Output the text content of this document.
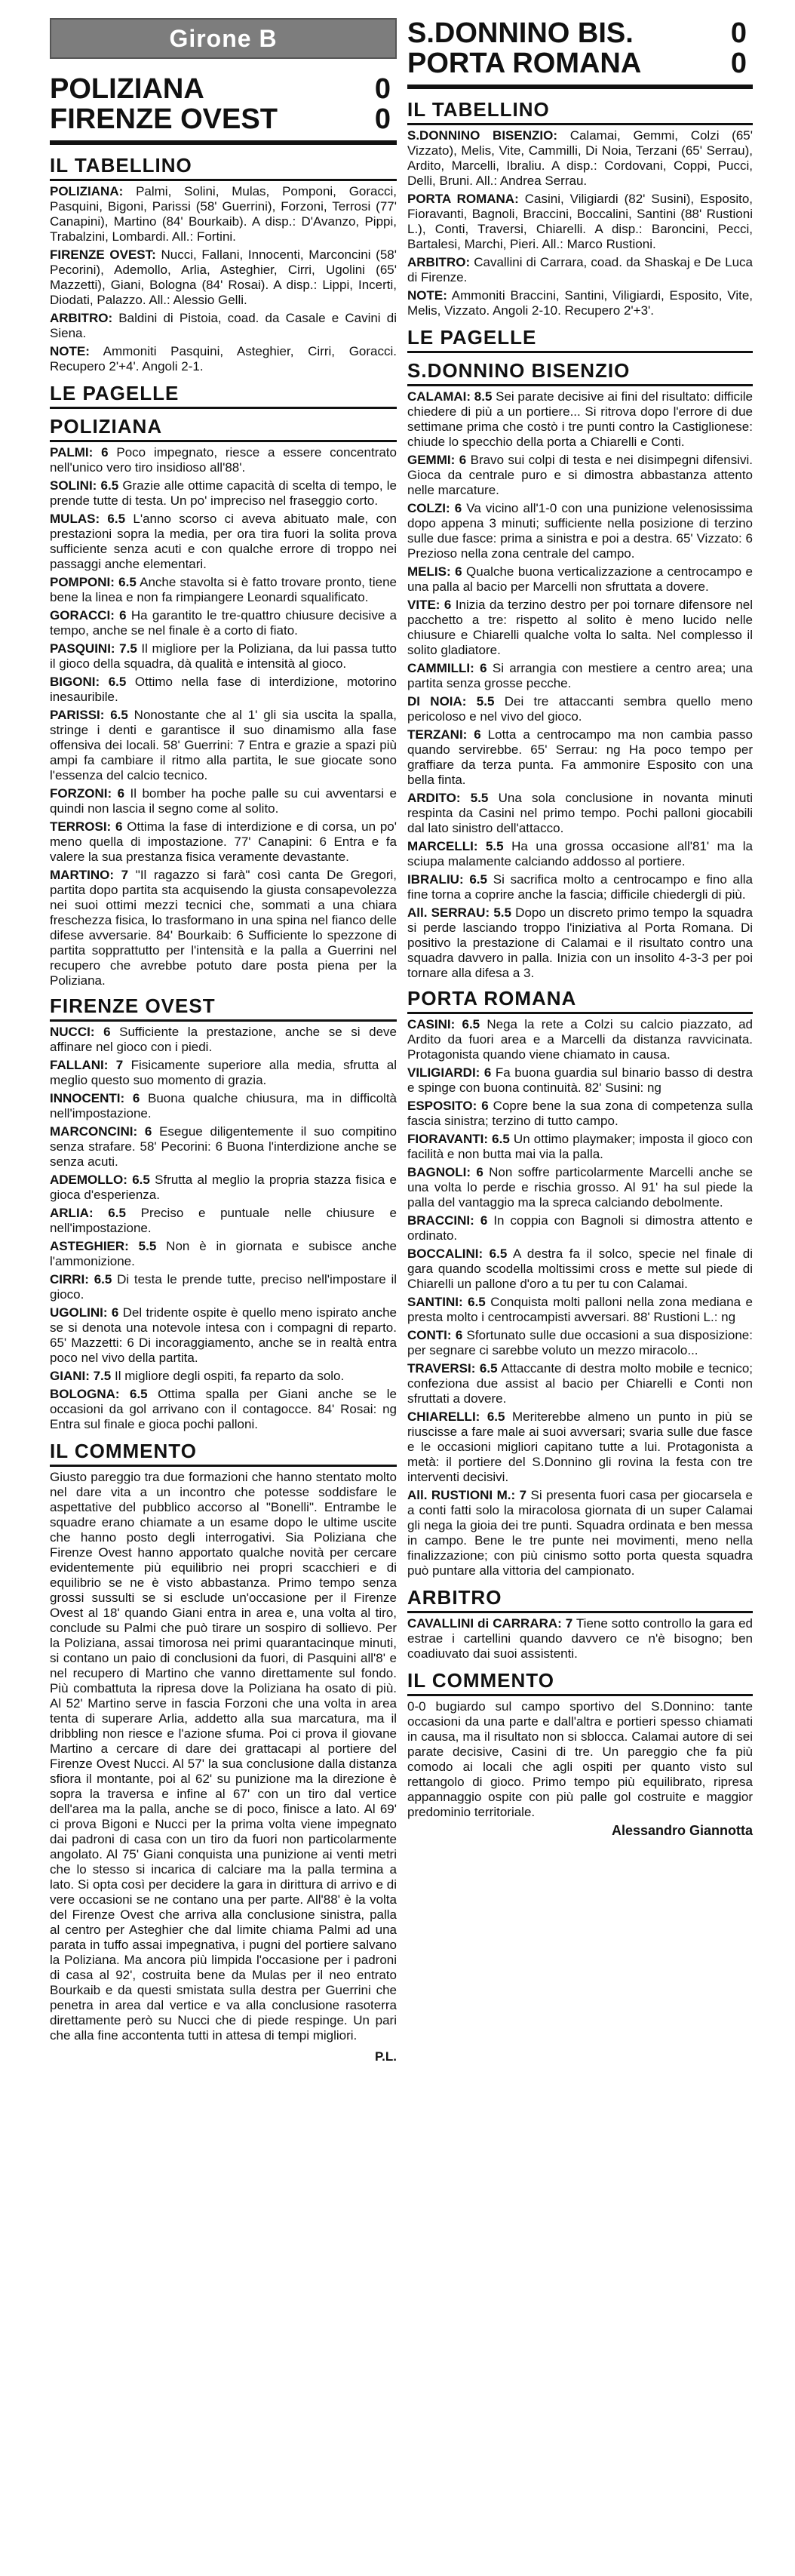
Girone B
POLIZIANA	0
FIRENZE OVEST	0
IL TABELLINO

POLIZIANA: Palmi, Solini, Mulas, Pomponi, Goracci, Pasquini, Bigoni, Parissi (58' Guerrini), Forzoni, Terrosi (77' Canapini), Martino (84' Bourkaib). A disp.: D'Avanzo, Pippi, Trabalzini, Lombardi. All.: Fortini.

FIRENZE OVEST: Nucci, Fallani, Innocenti, Marconcini (58' Pecorini), Ademollo, Arlia, Asteghier, Cirri, Ugolini (65' Mazzetti), Giani, Bologna (84' Rosai). A disp.: Lippi, Incerti, Diodati, Palazzo. All.: Alessio Gelli.

ARBITRO: Baldini di Pistoia, coad. da Casale e Cavini di Siena.

NOTE: Ammoniti Pasquini, Asteghier, Cirri, Goracci. Recupero 2'+4'. Angoli 2-1.

LE PAGELLE
POLIZIANA

PALMI: 6 Poco impegnato, riesce a essere concentrato nell'unico vero tiro insidioso all'88'.

SOLINI: 6.5 Grazie alle ottime capacità di scelta di tempo, le prende tutte di testa. Un po' impreciso nel fraseggio corto.

MULAS: 6.5 L'anno scorso ci aveva abituato male, con prestazioni sopra la media, per ora tira fuori la solita prova sufficiente senza acuti e con qualche errore di troppo nei passaggi anche elementari.

POMPONI: 6.5 Anche stavolta si è fatto trovare pronto, tiene bene la linea e non fa rimpiangere Leonardi squalificato.

GORACCI: 6 Ha garantito le tre-quattro chiusure decisive a tempo, anche se nel finale è a corto di fiato.

PASQUINI: 7.5 Il migliore per la Poliziana, da lui passa tutto il gioco della squadra, dà qualità e intensità al gioco.

BIGONI: 6.5 Ottimo nella fase di interdizione, motorino inesauribile.

PARISSI: 6.5 Nonostante che al 1' gli sia uscita la spalla, stringe i denti e garantisce il suo dinamismo alla fase offensiva dei locali. 58' Guerrini: 7 Entra e grazie a spazi più ampi fa cambiare il ritmo alla partita, le sue giocate sono l'essenza del calcio tecnico.

FORZONI: 6 Il bomber ha poche palle su cui avventarsi e quindi non lascia il segno come al solito.

TERROSI: 6 Ottima la fase di interdizione e di corsa, un po' meno quella di impostazione. 77' Canapini: 6 Entra e fa valere la sua prestanza fisica veramente devastante.

MARTINO: 7 "Il ragazzo si farà" così canta De Gregori, partita dopo partita sta acquisendo la giusta consapevolezza nei suoi ottimi mezzi tecnici che, sommati a una chiara freschezza fisica, lo trasformano in una spina nel fianco delle difese avversarie. 84' Bourkaib: 6 Sufficiente lo spezzone di partita sopprattutto per l'intensità e la palla a Guerrini nel recupero che avrebbe potuto dare posta piena per la Poliziana.

FIRENZE OVEST

NUCCI: 6 Sufficiente la prestazione, anche se si deve affinare nel gioco con i piedi.

FALLANI: 7 Fisicamente superiore alla media, sfrutta al meglio questo suo momento di grazia.

INNOCENTI: 6 Buona qualche chiusura, ma in difficoltà nell'impostazione.

MARCONCINI: 6 Esegue diligentemente il suo compitino senza strafare. 58' Pecorini: 6 Buona l'interdizione anche se senza acuti.

ADEMOLLO: 6.5 Sfrutta al meglio la propria stazza fisica e gioca d'esperienza.

ARLIA: 6.5 Preciso e puntuale nelle chiusure e nell'impostazione.

ASTEGHIER: 5.5 Non è in giornata e subisce anche l'ammonizione.

CIRRI: 6.5 Di testa le prende tutte, preciso nell'impostare il gioco.

UGOLINI: 6 Del tridente ospite è quello meno ispirato anche se si denota una notevole intesa con i compagni di reparto. 65' Mazzetti: 6 Di incoraggiamento, anche se in realtà entra poco nel vivo della partita.

GIANI: 7.5 Il migliore degli ospiti, fa reparto da solo.

BOLOGNA: 6.5 Ottima spalla per Giani anche se le occasioni da gol arrivano con il contagocce. 84' Rosai: ng Entra sul finale e gioca pochi palloni.

IL COMMENTO

Giusto pareggio tra due formazioni che hanno stentato molto nel dare vita a un incontro che potesse soddisfare le aspettative del pubblico accorso al "Bonelli". Entrambe le squadre erano chiamate a un esame dopo le ultime uscite che hanno posto degli interrogativi. Sia Poliziana che Firenze Ovest hanno apportato qualche novità per cercare evidentemente più equilibrio nei propri scacchieri e di equilibrio se ne è visto abbastanza. Primo tempo senza grossi sussulti se si esclude un'occasione per il Firenze Ovest al 18' quando Giani entra in area e, una volta al tiro, conclude su Palmi che può tirare un sospiro di sollievo. Per la Poliziana, assai timorosa nei primi quarantacinque minuti, si contano un paio di conclusioni da fuori, di Pasquini all'8' e nel recupero di Martino che vanno direttamente sul fondo. Più combattuta la ripresa dove la Poliziana ha osato di più. Al 52' Martino serve in fascia Forzoni che una volta in area tenta di superare Arlia, addetto alla sua marcatura, ma il dribbling non riesce e l'azione sfuma. Poi ci prova il giovane Martino a cercare di dare dei grattacapi al portiere del Firenze Ovest Nucci. Al 57' la sua conclusione dalla distanza sfiora il montante, poi al 62' su punizione ma la direzione è sopra la traversa e infine al 67' con un tiro dal vertice dell'area ma la palla, anche se di poco, finisce a lato. Al 69' ci prova Bigoni e Nucci per la prima volta viene impegnato dai padroni di casa con un tiro da fuori non particolarmente angolato. Al 75' Giani conquista una punizione ai venti metri che lo stesso si incarica di calciare ma la palla termina a lato. Si opta così per decidere la gara in dirittura di arrivo e di vere occasioni se ne contano una per parte. All'88' è la volta del Firenze Ovest che arriva alla conclusione sinistra, palla al centro per Asteghier che dal limite chiama Palmi ad una parata in tuffo assai impegnativa, i pugni del portiere salvano la Poliziana. Ma ancora più limpida l'occasione per i padroni di casa al 92', costruita bene da Mulas per il neo entrato Bourkaib e da questi smistata sulla destra per Guerrini che penetra in area dal vertice e va alla conclusione rasoterra direttamente però su Nucci che di piede respinge. Un pari che alla fine accontenta tutti in attesa di tempi migliori.

P.L.
S.DONNINO BIS.	0
PORTA ROMANA	0
IL TABELLINO

S.DONNINO BISENZIO: Calamai, Gemmi, Colzi (65' Vizzato), Melis, Vite, Cammilli, Di Noia, Terzani (65' Serrau), Ardito, Marcelli, Ibraliu. A disp.: Cordovani, Coppi, Pucci, Delli, Bruni. All.: Andrea Serrau.

PORTA ROMANA: Casini, Viligiardi (82' Susini), Esposito, Fioravanti, Bagnoli, Braccini, Boccalini, Santini (88' Rustioni L.), Conti, Traversi, Chiarelli. A disp.: Baroncini, Pecci, Bartalesi, Marchi, Pieri. All.: Marco Rustioni.

ARBITRO: Cavallini di Carrara, coad. da Shaskaj e De Luca di Firenze.

NOTE: Ammoniti Braccini, Santini, Viligiardi, Esposito, Vite, Melis, Vizzato. Angoli 2-10. Recupero 2'+3'.

LE PAGELLE
S.DONNINO BISENZIO

CALAMAI: 8.5 Sei parate decisive ai fini del risultato: difficile chiedere di più a un portiere... Si ritrova dopo l'errore di due settimane prima che costò i tre punti contro la Castiglionese: chiude lo specchio della porta a Chiarelli e Conti.

GEMMI: 6 Bravo sui colpi di testa e nei disimpegni difensivi. Gioca da centrale puro e si dimostra abbastanza attento nelle marcature.

COLZI: 6 Va vicino all'1-0 con una punizione velenosissima dopo appena 3 minuti; sufficiente nella posizione di terzino sulle due fasce: prima a sinistra e poi a destra. 65' Vizzato: 6 Prezioso nella zona centrale del campo.

MELIS: 6 Qualche buona verticalizzazione a centrocampo e una palla al bacio per Marcelli non sfruttata a dovere.

VITE: 6 Inizia da terzino destro per poi tornare difensore nel pacchetto a tre: rispetto al solito è meno lucido nelle chiusure e Chiarelli qualche volta lo salta. Nel complesso il solito gladiatore.

CAMMILLI: 6 Si arrangia con mestiere a centro area; una partita senza grosse pecche.

DI NOIA: 5.5 Dei tre attaccanti sembra quello meno pericoloso e nel vivo del gioco.

TERZANI: 6 Lotta a centrocampo ma non cambia passo quando servirebbe. 65' Serrau: ng Ha poco tempo per graffiare da terza punta. Fa ammonire Esposito con una bella finta.

ARDITO: 5.5 Una sola conclusione in novanta minuti respinta da Casini nel primo tempo. Pochi palloni giocabili dal lato sinistro dell'attacco.

MARCELLI: 5.5 Ha una grossa occasione all'81' ma la sciupa malamente calciando addosso al portiere.

IBRALIU: 6.5 Si sacrifica molto a centrocampo e fino alla fine torna a coprire anche la fascia; difficile chiedergli di più.

All. SERRAU: 5.5 Dopo un discreto primo tempo la squadra si perde lasciando troppo l'iniziativa al Porta Romana. Di positivo la prestazione di Calamai e il risultato contro una squadra davvero in palla. Inizia con un insolito 4-3-3 per poi tornare alla difesa a 3.

PORTA ROMANA

CASINI: 6.5 Nega la rete a Colzi su calcio piazzato, ad Ardito da fuori area e a Marcelli da distanza ravvicinata. Protagonista quando viene chiamato in causa.

VILIGIARDI: 6 Fa buona guardia sul binario basso di destra e spinge con buona continuità. 82' Susini: ng

ESPOSITO: 6 Copre bene la sua zona di competenza sulla fascia sinistra; terzino di tutto campo.

FIORAVANTI: 6.5 Un ottimo playmaker; imposta il gioco con facilità e non butta mai via la palla.

BAGNOLI: 6 Non soffre particolarmente Marcelli anche se una volta lo perde e rischia grosso. Al 91' ha sul piede la palla del vantaggio ma la spreca calciando debolmente.

BRACCINI: 6 In coppia con Bagnoli si dimostra attento e ordinato.

BOCCALINI: 6.5 A destra fa il solco, specie nel finale di gara quando scodella moltissimi cross e mette sul piede di Chiarelli un pallone d'oro a tu per tu con Calamai.

SANTINI: 6.5 Conquista molti palloni nella zona mediana e presta molto i centrocampisti avversari. 88' Rustioni L.: ng

CONTI: 6 Sfortunato sulle due occasioni a sua disposizione: per segnare ci sarebbe voluto un mezzo miracolo...

TRAVERSI: 6.5 Attaccante di destra molto mobile e tecnico; confeziona due assist al bacio per Chiarelli e Conti non sfruttati a dovere.

CHIARELLI: 6.5 Meriterebbe almeno un punto in più se riuscisse a fare male ai suoi avversari; svaria sulle due fasce e le occasioni migliori capitano tutte a lui. Protagonista a metà: il portiere del S.Donnino gli rovina la festa con tre interventi decisivi.

All. RUSTIONI M.: 7 Si presenta fuori casa per giocarsela e a conti fatti solo la miracolosa giornata di un super Calamai gli nega la gioia dei tre punti. Squadra ordinata e ben messa in campo. Bene le tre punte nei movimenti, meno nella finalizzazione; con più cinismo sotto porta questa squadra può puntare alla vittoria del campionato.

ARBITRO

CAVALLINI di CARRARA: 7 Tiene sotto controllo la gara ed estrae i cartellini quando davvero ce n'è bisogno; ben coadiuvato dai suoi assistenti.

IL COMMENTO

0-0 bugiardo sul campo sportivo del S.Donnino: tante occasioni da una parte e dall'altra e portieri spesso chiamati in causa, ma il risultato non si sblocca. Calamai autore di sei parate decisive, Casini di tre. Un pareggio che fa più comodo ai locali che agli ospiti per quanto visto sul rettangolo di gioco. Primo tempo più equilibrato, ripresa appannaggio ospite con più palle gol costruite e maggior predominio territoriale.

Alessandro Giannotta
